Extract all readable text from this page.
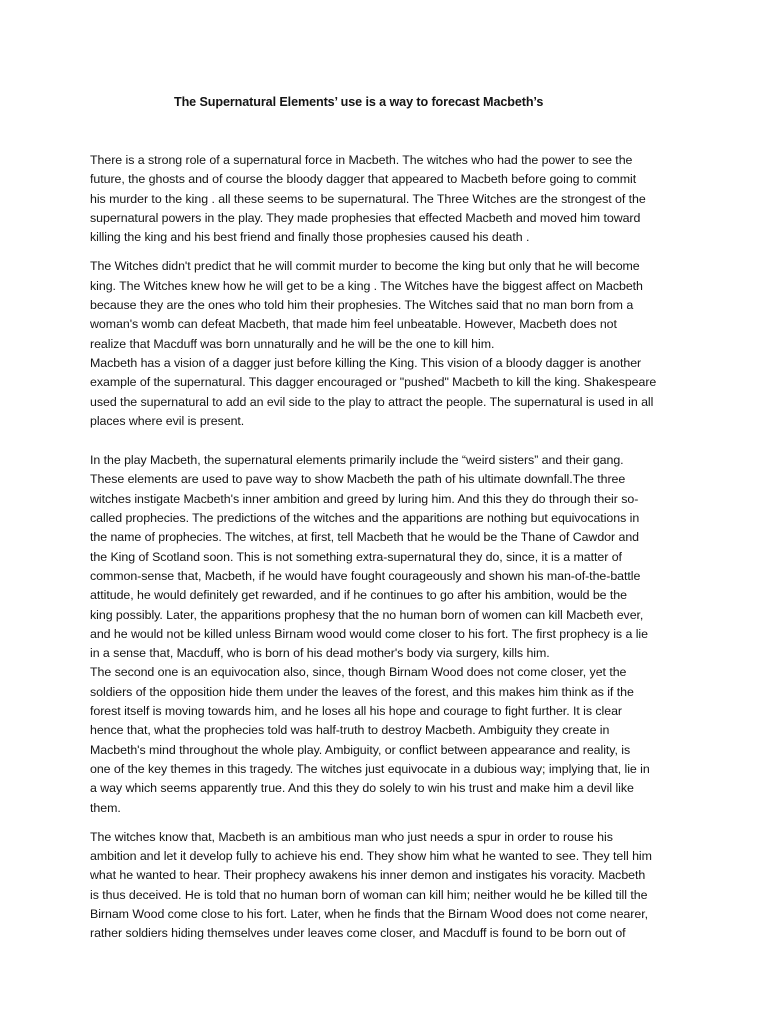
The Supernatural Elements’ use is a way to forecast Macbeth’s

There is a strong role of a supernatural force in Macbeth. The witches who had the power to see the
future, the ghosts and of course the bloody dagger that appeared to Macbeth before going to commit
his murder to the king . all these seems to be supernatural. The Three Witches are the strongest of the
supernatural powers in the play. They made prophesies that effected Macbeth and moved him toward
killing the king and his best friend and finally those prophesies caused his death .

The Witches didn't predict that he will commit murder to become the king but only that he will become
king. The Witches knew how he will get to be a king . The Witches have the biggest affect on Macbeth
because they are the ones who told him their prophesies. The Witches said that no man born from a
woman's womb can defeat Macbeth, that made him feel unbeatable. However, Macbeth does not
realize that Macduff was born unnaturally and he will be the one to kill him.

Macbeth has a vision of a dagger just before killing the King. This vision of a bloody dagger is another
example of the supernatural. This dagger encouraged or "pushed" Macbeth to kill the king. Shakespeare
used the supernatural to add an evil side to the play to attract the people. The supernatural is used in all
places where evil is present.

In the play Macbeth, the supernatural elements primarily include the “weird sisters” and their gang.
These elements are used to pave way to show Macbeth the path of his ultimate downfall.The three
witches instigate Macbeth's inner ambition and greed by luring him. And this they do through their so-
called prophecies. The predictions of the witches and the apparitions are nothing but equivocations in
the name of prophecies. The witches, at first, tell Macbeth that he would be the Thane of Cawdor and
the King of Scotland soon. This is not something extra-supernatural they do, since, it is a matter of
common-sense that, Macbeth, if he would have fought courageously and shown his man-of-the-battle
attitude, he would definitely get rewarded, and if he continues to go after his ambition, would be the
king possibly. Later, the apparitions prophesy that the no human born of women can kill Macbeth ever,
and he would not be killed unless Birnam wood would come closer to his fort. The first prophecy is a lie
in a sense that, Macduff, who is born of his dead mother's body via surgery, kills him.

The second one is an equivocation also, since, though Birnam Wood does not come closer, yet the
soldiers of the opposition hide them under the leaves of the forest, and this makes him think as if the
forest itself is moving towards him, and he loses all his hope and courage to fight further. It is clear
hence that, what the prophecies told was half-truth to destroy Macbeth. Ambiguity they create in
Macbeth's mind throughout the whole play. Ambiguity, or conflict between appearance and reality, is
one of the key themes in this tragedy. The witches just equivocate in a dubious way; implying that, lie in
a way which seems apparently true. And this they do solely to win his trust and make him a devil like
them.

The witches know that, Macbeth is an ambitious man who just needs a spur in order to rouse his
ambition and let it develop fully to achieve his end. They show him what he wanted to see. They tell him
what he wanted to hear. Their prophecy awakens his inner demon and instigates his voracity. Macbeth
is thus deceived. He is told that no human born of woman can kill him; neither would he be killed till the
Birnam Wood come close to his fort. Later, when he finds that the Birnam Wood does not come nearer,
rather soldiers hiding themselves under leaves come closer, and Macduff is found to be born out of
